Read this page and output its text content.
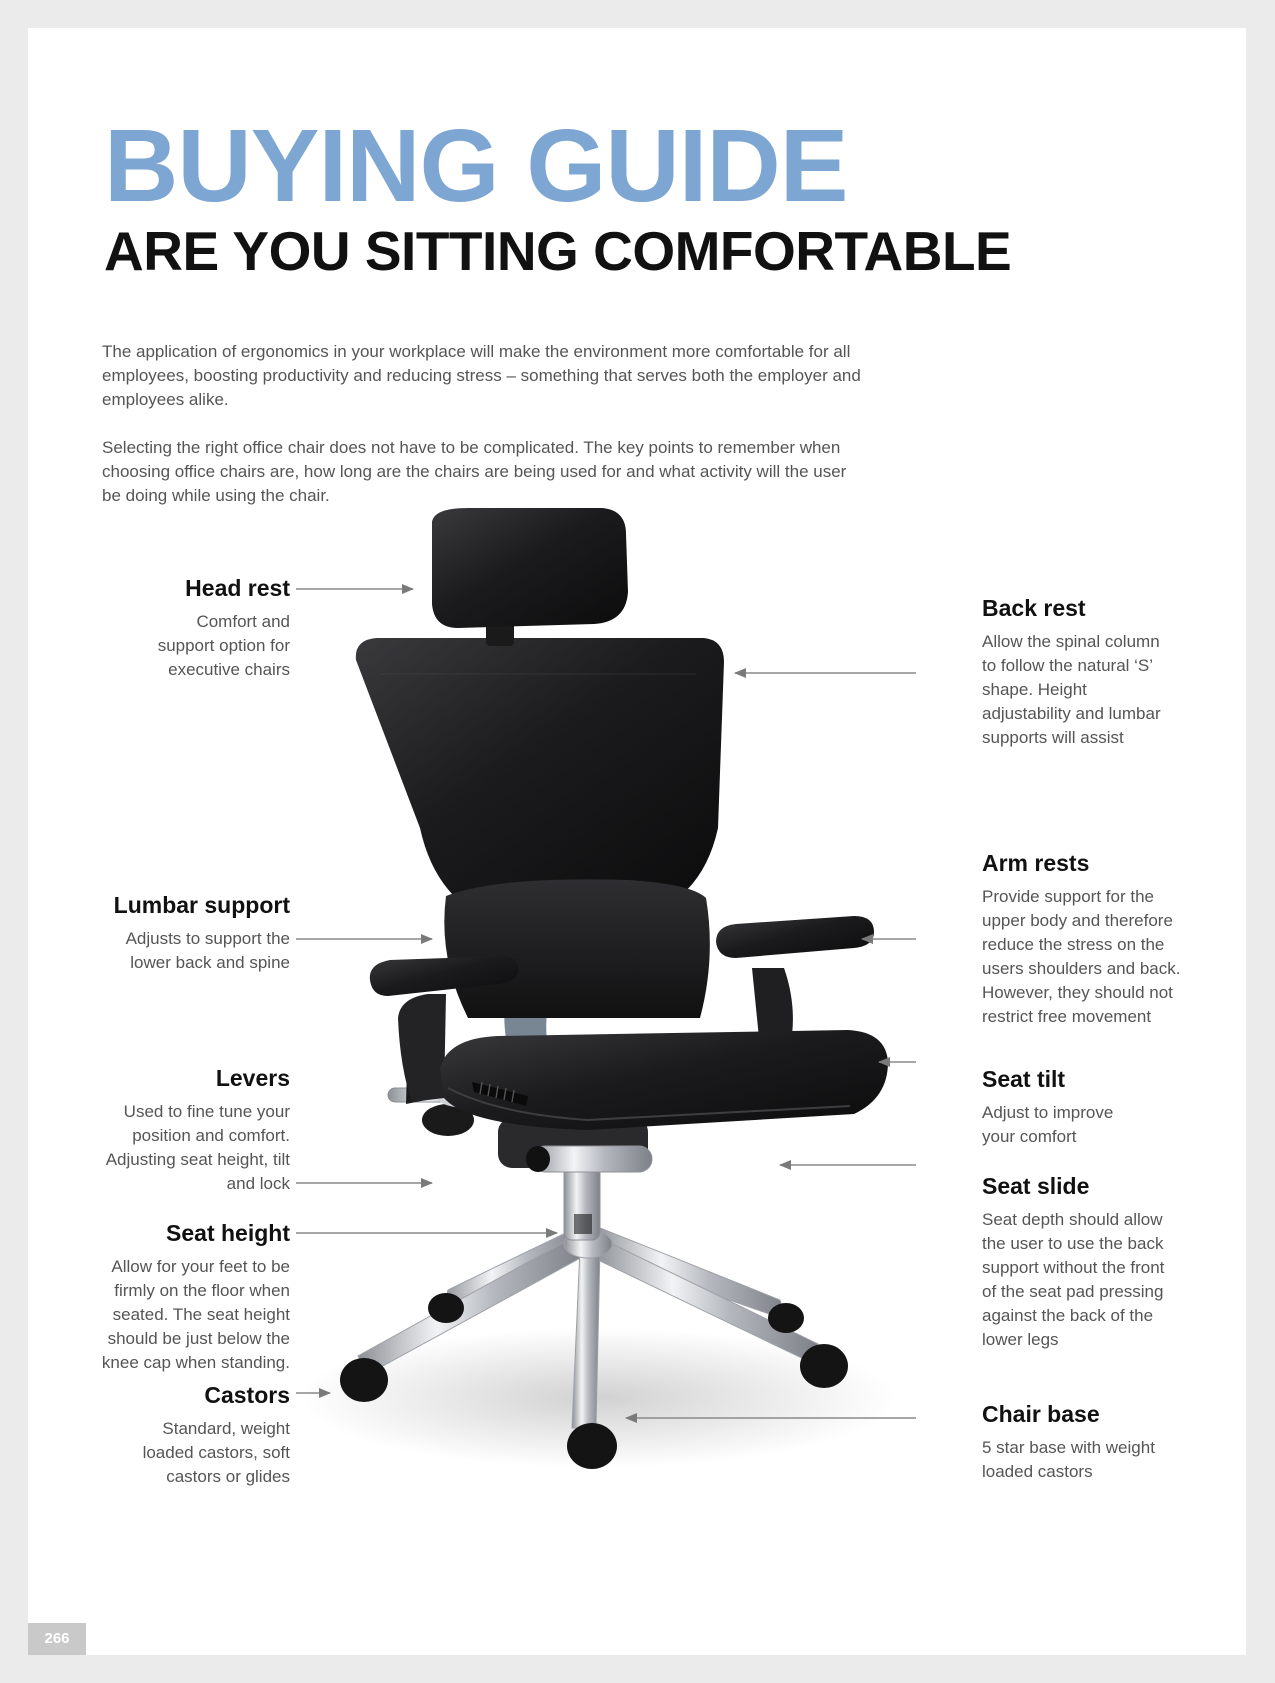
BUYING GUIDE
ARE YOU SITTING COMFORTABLE

The application of ergonomics in your workplace will make the environment more comfortable for all employees, boosting productivity and reducing stress – something that serves both the employer and employees alike.

Selecting the right office chair does not have to be complicated. The key points to remember when choosing office chairs are, how long are the chairs are being used for and what activity will the user be doing while using the chair.

Head rest

Comfort and support option for executive chairs

Lumbar support

Adjusts to support the lower back and spine

Levers

Used to fine tune your position and comfort. Adjusting seat height, tilt and lock

Seat height

Allow for your feet to be firmly on the floor when seated. The seat height should be just below the knee cap when standing.

Castors

Standard, weight loaded castors, soft castors or glides

Back rest

Allow the spinal column to follow the natural ‘S’ shape. Height adjustability and lumbar supports will assist

Arm rests

Provide support for the upper body and therefore reduce the stress on the users shoulders and back. However, they should not restrict free movement

Seat tilt

Adjust to improve your comfort

Seat slide

Seat depth should allow the user to use the back support without the front of the seat pad pressing against the back of the lower legs

Chair base

5 star base with weight loaded castors

266
